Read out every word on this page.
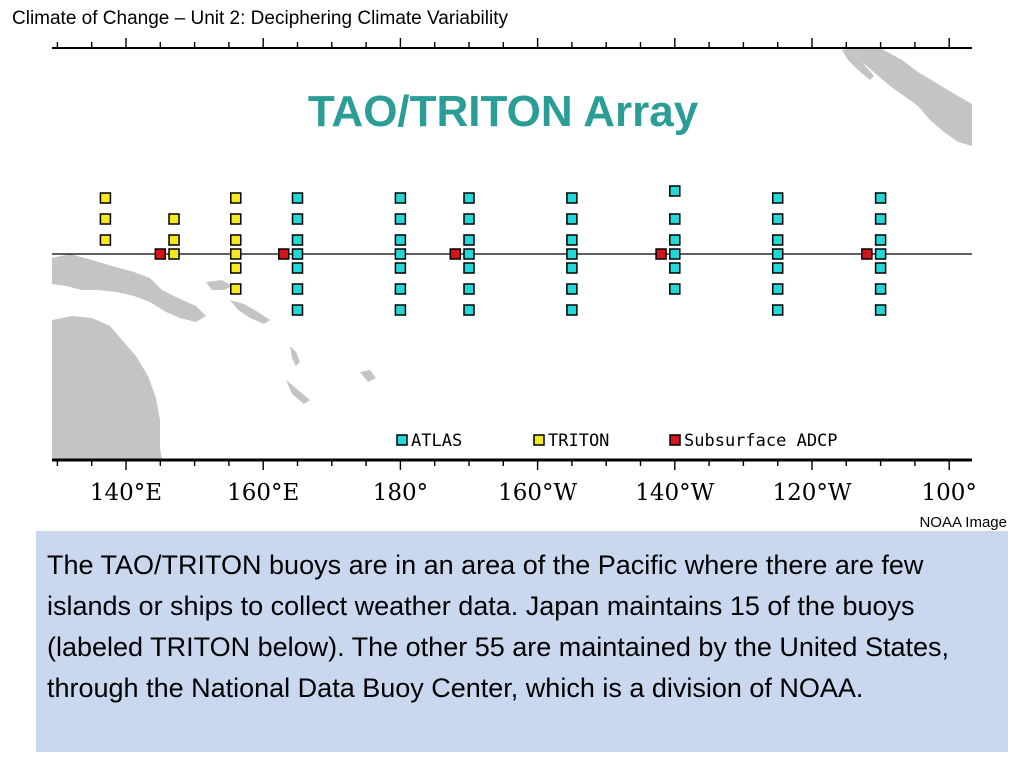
Climate of Change – Unit 2: Deciphering Climate Variability
TAO/TRITON Array
140°E	160°E	180°	160°W	140°W	120°W	100°
ATLAS	TRITON	Subsurface ADCP
NOAA Image
The TAO/TRITON buoys are in an area of the Pacific where there are few islands or ships to collect weather data. Japan maintains 15 of the buoys (labeled TRITON below). The other 55 are maintained by the United States, through the National Data Buoy Center, which is a division of NOAA.
